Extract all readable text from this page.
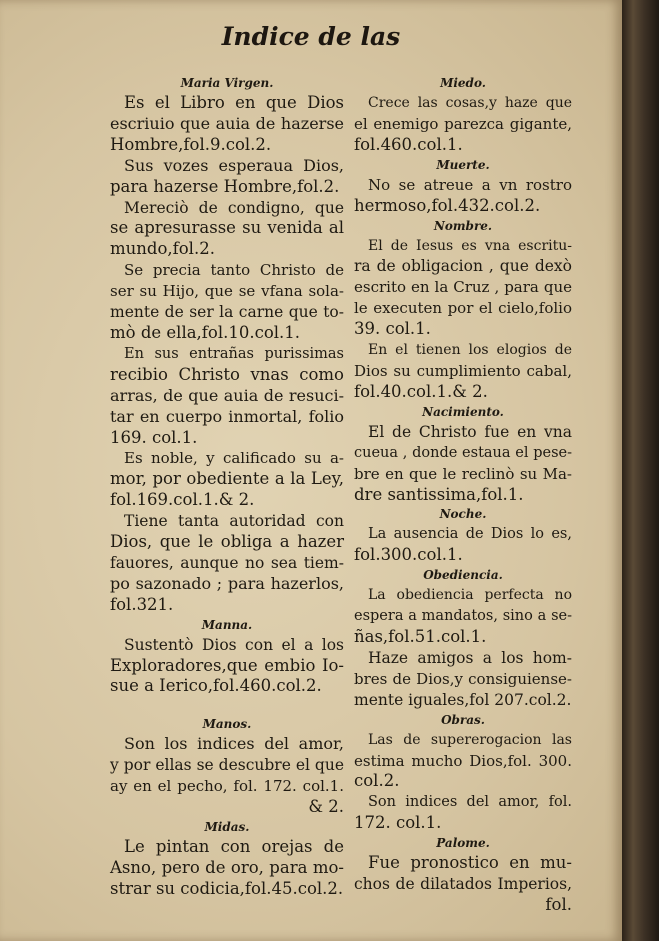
Indice de las
Maria Virgen.

Es el Libro en que Dios

escriuio que auia de hazerse

Hombre,fol.9.col.2.

Sus vozes esperaua Dios,

para hazerse Hombre,fol.2.

Mereciò de condigno, que

se apresurasse su venida al

mundo,fol.2.

Se precia tanto Christo de

ser su Hijo, que se vfana sola-

mente de ser la carne que to-

mò de ella,fol.10.col.1.

En sus entrañas purissimas

recibio Christo vnas como

arras, de que auia de resuci-

tar en cuerpo inmortal, folio

169. col.1.

Es noble, y calificado su a-

mor, por obediente a la Ley,

fol.169.col.1.& 2.

Tiene tanta autoridad con

Dios, que le obliga a hazer

fauores, aunque no sea tiem-

po sazonado ; para hazerlos,

fol.321.

Manna.

Sustentò Dios con el a los

Exploradores,que embio Io-

sue a Ierico,fol.460.col.2.

Manos.

Son los indices del amor,

y por ellas se descubre el que

ay en el pecho, fol. 172. col.1.

& 2.

Midas.

Le pintan con orejas de

Asno, pero de oro, para mo-

strar su codicia,fol.45.col.2.

Miedo.

Crece las cosas,y haze que

el enemigo parezca gigante,

fol.460.col.1.

Muerte.

No se atreue a vn rostro

hermoso,fol.432.col.2.

Nombre.

El de Iesus es vna escritu-

ra de obligacion , que dexò

escrito en la Cruz , para que

le executen por el cielo,folio

39. col.1.

En el tienen los elogios de

Dios su cumplimiento cabal,

fol.40.col.1.& 2.

Nacimiento.

El de Christo fue en vna

cueua , donde estaua el pese-

bre en que le reclinò su Ma-

dre santissima,fol.1.

Noche.

La ausencia de Dios lo es,

fol.300.col.1.

Obediencia.

La obediencia perfecta no

espera a mandatos, sino a se-

ñas,fol.51.col.1.

Haze amigos a los hom-

bres de Dios,y consiguiense-

mente iguales,fol 207.col.2.

Obras.

Las de supererogacion las

estima mucho Dios,fol. 300.

col.2.

Son indices del amor, fol.

172. col.1.

Palome.

Fue pronostico en mu-

chos de dilatados Imperios,

fol.
